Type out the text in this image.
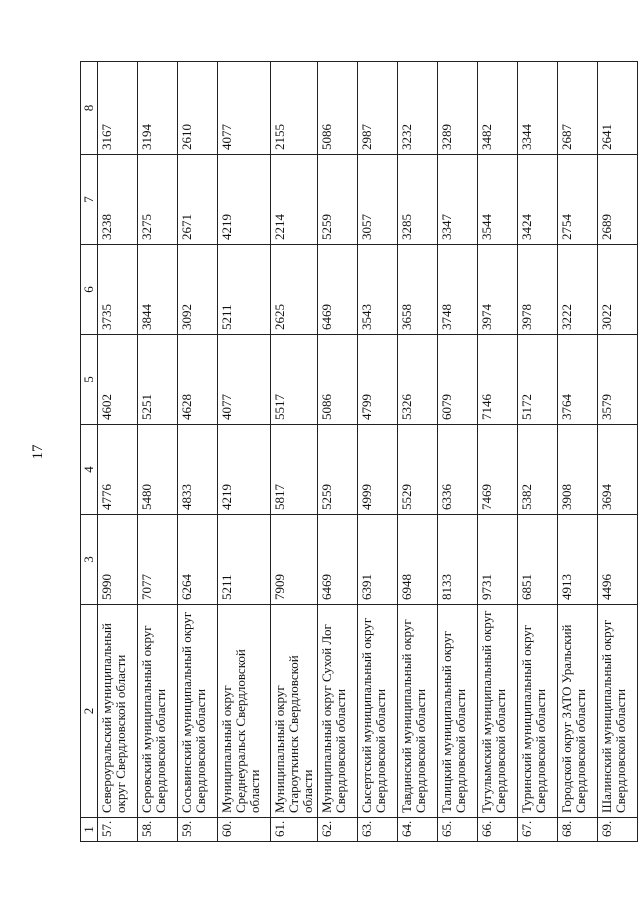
17
1	2	3	4	5	6	7	8
57.	Североуральский муниципальный округ Свердловской области	5990	4776	4602	3735	3238	3167
58.	Серовский муниципальный округ Свердловской области	7077	5480	5251	3844	3275	3194
59.	Сосьвинский муниципальный округ Свердловской области	6264	4833	4628	3092	2671	2610
60.	Муниципальный округ Среднеуральск Свердловской области	5211	4219	4077	5211	4219	4077
61.	Муниципальный округ Староуткинск Свердловской области	7909	5817	5517	2625	2214	2155
62.	Муниципальный округ Сухой Лог Свердловской области	6469	5259	5086	6469	5259	5086
63.	Сысертский муниципальный округ Свердловской области	6391	4999	4799	3543	3057	2987
64.	Тавдинский муниципальный округ Свердловской области	6948	5529	5326	3658	3285	3232
65.	Талицкий муниципальный округ Свердловской области	8133	6336	6079	3748	3347	3289
66.	Тугулымский муниципальный округ Свердловской области	9731	7469	7146	3974	3544	3482
67.	Туринский муниципальный округ Свердловской области	6851	5382	5172	3978	3424	3344
68.	Городской округ ЗАТО Уральский Свердловской области	4913	3908	3764	3222	2754	2687
69.	Шалинский муниципальный округ Свердловской области	4496	3694	3579	3022	2689	2641
